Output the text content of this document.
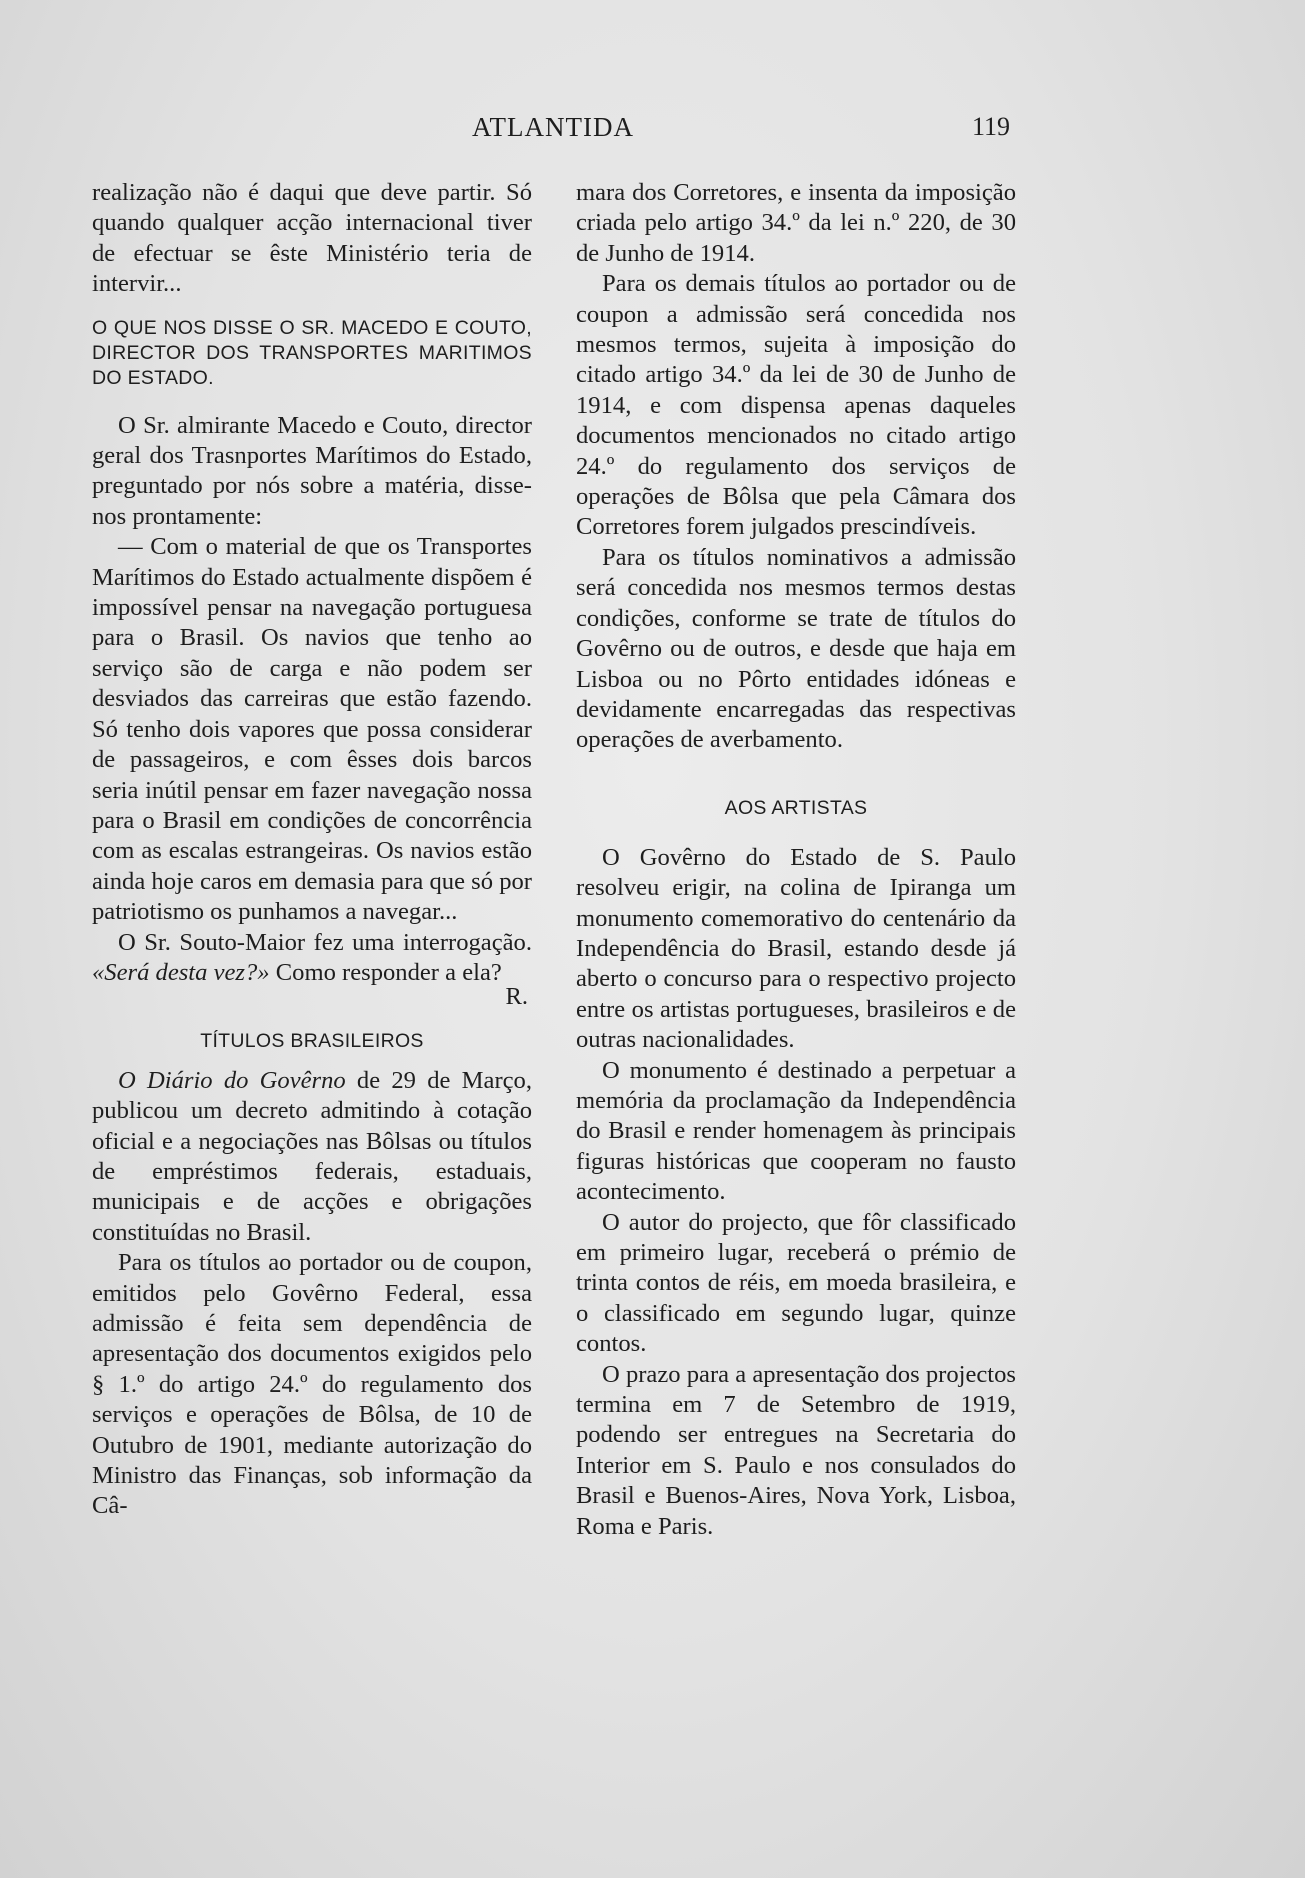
ATLANTIDA	119

realização não é daqui que deve partir. Só quando qualquer acção internacional tiver de efectuar se êste Ministério teria de intervir...

O QUE NOS DISSE O SR. MACEDO E COUTO, DIRECTOR DOS TRANSPORTES MARITIMOS DO ESTADO.

O Sr. almirante Macedo e Couto, director geral dos Trasnportes Marítimos do Estado, preguntado por nós sobre a matéria, disse-nos prontamente:

— Com o material de que os Transportes Marítimos do Estado actualmente dispõem é impossível pensar na navegação portuguesa para o Brasil. Os navios que tenho ao serviço são de carga e não podem ser desviados das carreiras que estão fazendo. Só tenho dois vapores que possa considerar de passageiros, e com êsses dois barcos seria inútil pensar em fazer navegação nossa para o Brasil em condições de concorrência com as escalas estrangeiras. Os navios estão ainda hoje caros em demasia para que só por patriotismo os punhamos a navegar...

O Sr. Souto-Maior fez uma interrogação. «Será desta vez?» Como responder a ela?

R.

TÍTULOS BRASILEIROS

O Diário do Govêrno de 29 de Março, publicou um decreto admitindo à cotação oficial e a negociações nas Bôlsas ou títulos de empréstimos federais, estaduais, municipais e de acções e obrigações constituídas no Brasil.

Para os títulos ao portador ou de coupon, emitidos pelo Govêrno Federal, essa admissão é feita sem dependência de apresentação dos documentos exigidos pelo § 1.º do artigo 24.º do regulamento dos serviços e operações de Bôlsa, de 10 de Outubro de 1901, mediante autorização do Ministro das Finanças, sob informação da Câ-

mara dos Corretores, e insenta da imposição criada pelo artigo 34.º da lei n.º 220, de 30 de Junho de 1914.

Para os demais títulos ao portador ou de coupon a admissão será concedida nos mesmos termos, sujeita à imposição do citado artigo 34.º da lei de 30 de Junho de 1914, e com dispensa apenas daqueles documentos mencionados no citado artigo 24.º do regulamento dos serviços de operações de Bôlsa que pela Câmara dos Corretores forem julgados prescindíveis.

Para os títulos nominativos a admissão será concedida nos mesmos termos destas condições, conforme se trate de títulos do Govêrno ou de outros, e desde que haja em Lisboa ou no Pôrto entidades idóneas e devidamente encarregadas das respectivas operações de averbamento.

AOS ARTISTAS

O Govêrno do Estado de S. Paulo resolveu erigir, na colina de Ipiranga um monumento comemorativo do centenário da Independência do Brasil, estando desde já aberto o concurso para o respectivo projecto entre os artistas portugueses, brasileiros e de outras nacionalidades.

O monumento é destinado a perpetuar a memória da proclamação da Independência do Brasil e render homenagem às principais figuras históricas que cooperam no fausto acontecimento.

O autor do projecto, que fôr classificado em primeiro lugar, receberá o prémio de trinta contos de réis, em moeda brasileira, e o classificado em segundo lugar, quinze contos.

O prazo para a apresentação dos projectos termina em 7 de Setembro de 1919, podendo ser entregues na Secretaria do Interior em S. Paulo e nos consulados do Brasil e Buenos-Aires, Nova York, Lisboa, Roma e Paris.
